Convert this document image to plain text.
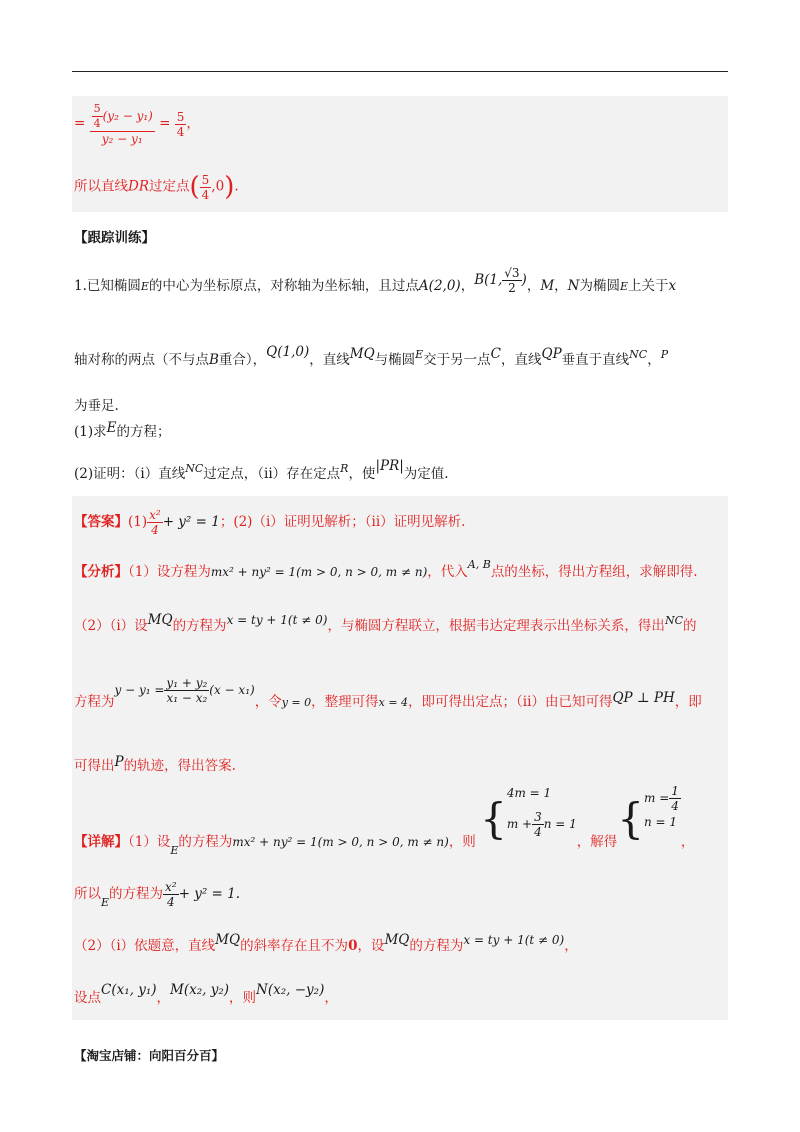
= $\frac{\frac{5}{4} (y_2 - y_1)}{\text{y₂ − y₁}} = \frac{5}{4}$ ，
所以直线DR过定点( $\frac{5}{4} ,0$).
【跟踪训练】
1.已知椭圆E的中心为坐标原点，对称轴为坐标轴，且过点A(2,0)，B(1, $\frac{√3}{2}$ )，M，N为椭圆E上关于x
轴对称的两点（不与点B重合），Q(1,0)，直线MQ与椭圆$^E$交于另一点C，直线QP垂直于直线$^{NC}$，$^P$
为垂足.
(1)求E的方程；
(2)证明：（i）直线$^{NC}$过定点，（ii）存在定点$^R$，使|PR|为定值.
【答案】$(1) \frac{\text{x²}}{4} + y^2 = 1$；(2)（i）证明见解析；（ii）证明见解析.
【分析】（1）设方程为mx² + ny² = 1(m > 0, n > 0, m ≠ n)，代入$^{A, B}$点的坐标，得出方程组，求解即得.
（2）（i）设MQ的方程为x = ty + 1(t ≠ 0)，与椭圆方程联立，根据韦达定理表示出坐标关系，得出$^{NC}$的
方程为$y - y_1 = \frac{\text{y₁ + y₂}}{\text{x₁ − x₂}} (x - x_1)$，令y = 0，整理可得x = 4，即可得出定点；（ii）由已知可得QP ⊥ PH，即
可得出P的轨迹，得出答案.
【详解】（1）设$_E$的方程为mx² + ny² = 1(m > 0, n > 0, m ≠ n)，则 {
4m = 1
$m + \frac{3}{4}$ n = 1
，解得{ $m = \frac{1}{4}$
n = 1
，
所以$_E$的方程为 $\frac{\text{x²}}{4} + y^2 = 1$.
（2）（i）依题意，直线MQ的斜率存在且不为0，设MQ的方程为x = ty + 1(t ≠ 0)，
设点C(x₁, y₁)，M(x₂, y₂)，则N(x₂, −y₂)，
【淘宝店铺：向阳百分百】
